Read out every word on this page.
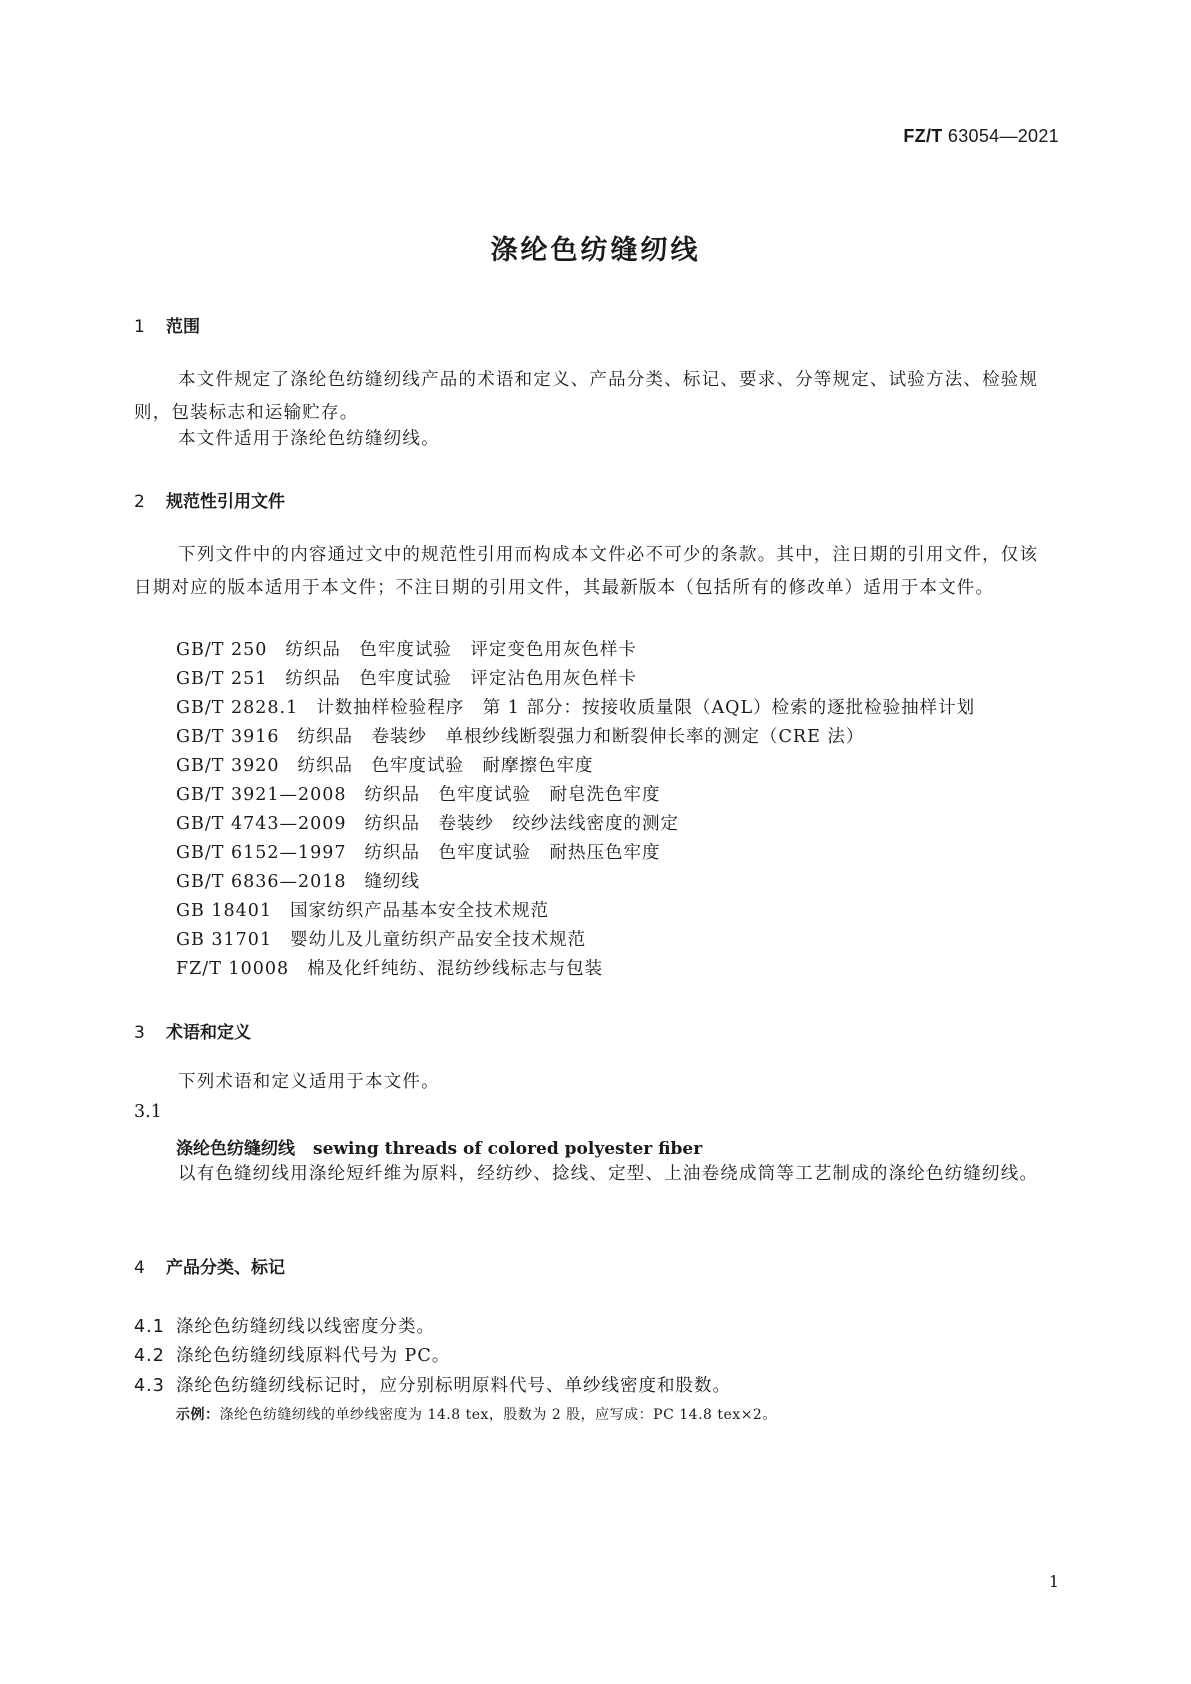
FZ/T 63054—2021
涤纶色纺缝纫线
1 范围
本文件规定了涤纶色纺缝纫线产品的术语和定义、产品分类、标记、要求、分等规定、试验方法、检验规则，包装标志和运输贮存。
本文件适用于涤纶色纺缝纫线。
2 规范性引用文件
下列文件中的内容通过文中的规范性引用而构成本文件必不可少的条款。其中，注日期的引用文件，仅该日期对应的版本适用于本文件；不注日期的引用文件，其最新版本（包括所有的修改单）适用于本文件。
GB/T 250 纺织品　色牢度试验　评定变色用灰色样卡
GB/T 251 纺织品　色牢度试验　评定沾色用灰色样卡
GB/T 2828.1 计数抽样检验程序　第 1 部分：按接收质量限（AQL）检索的逐批检验抽样计划
GB/T 3916 纺织品　卷装纱　单根纱线断裂强力和断裂伸长率的测定（CRE 法）
GB/T 3920 纺织品　色牢度试验　耐摩擦色牢度
GB/T 3921—2008 纺织品　色牢度试验　耐皂洗色牢度
GB/T 4743—2009 纺织品　卷装纱　绞纱法线密度的测定
GB/T 6152—1997 纺织品　色牢度试验　耐热压色牢度
GB/T 6836—2018 缝纫线
GB 18401 国家纺织产品基本安全技术规范
GB 31701 婴幼儿及儿童纺织产品安全技术规范
FZ/T 10008 棉及化纤纯纺、混纺纱线标志与包装
3 术语和定义
下列术语和定义适用于本文件。
3.1
涤纶色纺缝纫线 sewing threads of colored polyester fiber
以有色缝纫线用涤纶短纤维为原料，经纺纱、捻线、定型、上油卷绕成筒等工艺制成的涤纶色纺缝纫线。
4 产品分类、标记
4.1 涤纶色纺缝纫线以线密度分类。
4.2 涤纶色纺缝纫线原料代号为 PC。
4.3 涤纶色纺缝纫线标记时，应分别标明原料代号、单纱线密度和股数。
示例：涤纶色纺缝纫线的单纱线密度为 14.8 tex，股数为 2 股，应写成：PC 14.8 tex×2。
1
